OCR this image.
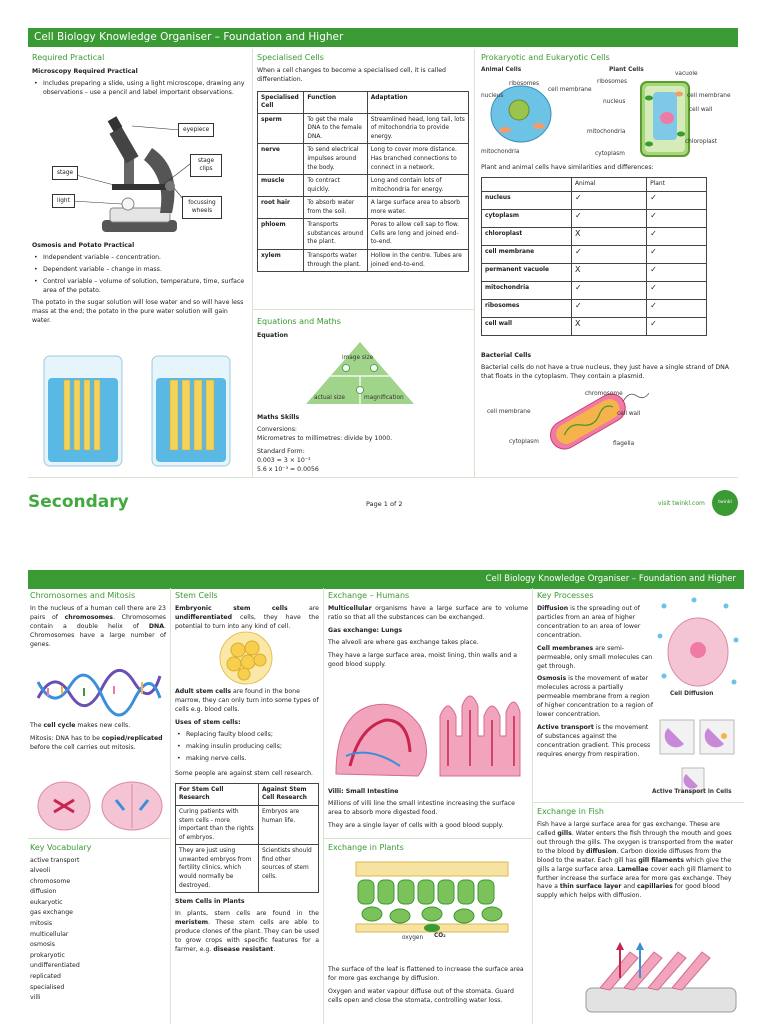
Cell Biology Knowledge Organiser – Foundation and Higher
Required Practical
Microscopy Required Practical
• Includes preparing a slide, using a light microscope, drawing any observations – use a pencil and label important observations.
eyepiece
stage
stage clips
light	focussing wheels
Osmosis and Potato Practical
• Independent variable – concentration.
• Dependent variable – change in mass.
• Control variable – volume of solution, temperature, time, surface area of the potato.

The potato in the sugar solution will lose water and so will have less mass at the end; the potato in the pure water solution will gain water.

Specialised Cells

When a cell changes to become a specialised cell, it is called differentiation.

Specialised Cell	Function	Adaptation
sperm	To get the male DNA to the female DNA.	Streamlined head, long tail, lots of mitochondria to provide energy.
nerve	To send electrical impulses around the body.	Long to cover more distance. Has branched connections to connect in a network.
muscle	To contract quickly.	Long and contain lots of mitochondria for energy.
root hair	To absorb water from the soil.	A large surface area to absorb more water.
phloem	Transports substances around the plant.	Pores to allow cell sap to flow. Cells are long and joined end-to-end.
xylem	Transports water through the plant.	Hollow in the centre. Tubes are joined end-to-end.
Equations and Maths
Equation
image size
actual size	magnification
Maths Skills
Conversions:
Micrometres to millimetres: divide by 1000.
Standard Form:
0.003 = 3 × 10⁻³
5.6 x 10⁻³ = 0.0056
Prokaryotic and Eukaryotic Cells
Animal Cells	Plant Cells
ribosomes
cell membrane
nucleus
mitochondria
ribosomes
vacuole
nucleus
cell membrane
cell wall
mitochondria
chloroplast
cytoplasm

Plant and animal cells have similarities and differences:

	Animal	Plant
nucleus	✓	✓
cytoplasm	✓	✓
chloroplast	X	✓
cell membrane	✓	✓
permanent vacuole	X	✓
mitochondria	✓	✓
ribosomes	✓	✓
cell wall	X	✓
Bacterial Cells

Bacterial cells do not have a true nucleus, they just have a single strand of DNA that floats in the cytoplasm. They contain a plasmid.

chromosome
cell membrane	cell wall
cytoplasm	flagella
Secondary	Page 1 of 2	visit twinkl.com	twinkl
Cell Biology Knowledge Organiser – Foundation and Higher
Chromosomes and Mitosis

In the nucleus of a human cell there are 23 pairs of chromosomes. Chromosomes contain a double helix of DNA. Chromosomes have a large number of genes.

The cell cycle makes new cells.

Mitosis: DNA has to be copied/replicated before the cell carries out mitosis.

Key Vocabulary
active transport
alveoli
chromosome
diffusion
eukaryotic
gas exchange
mitosis
multicellular
osmosis
prokaryotic
undifferentiated
replicated
specialised
villi
Stem Cells

Embryonic stem cells are undifferentiated cells, they have the potential to turn into any kind of cell.

Adult stem cells are found in the bone marrow, they can only turn into some types of cells e.g. blood cells.

Uses of stem cells:
• Replacing faulty blood cells;
• making insulin producing cells;
• making nerve cells.

Some people are against stem cell research.

For Stem Cell Research	Against Stem Cell Research
Curing patients with stem cells - more important than the rights of embryos.	Embryos are human life.
They are just using unwanted embryos from fertility clinics, which would normally be destroyed.	Scientists should find other sources of stem cells.
Stem Cells in Plants

In plants, stem cells are found in the meristem. These stem cells are able to produce clones of the plant. They can be used to grow crops with specific features for a farmer, e.g. disease resistant.

Exchange – Humans

Multicellular organisms have a large surface are to volume ratio so that all the substances can be exchanged.

Gas exchange: Lungs

The alveoli are where gas exchange takes place.

They have a large surface area, moist lining, thin walls and a good blood supply.

Villi: Small Intestine

Millions of villi line the small intestine increasing the surface area to absorb more digested food.

They are a single layer of cells with a good blood supply.

Exchange in Plants
oxygen CO₂

The surface of the leaf is flattened to increase the surface area for more gas exchange by diffusion.

Oxygen and water vapour diffuse out of the stomata. Guard cells open and close the stomata, controlling water loss.

Key Processes

Diffusion is the spreading out of particles from an area of higher concentration to an area of lower concentration.

Cell membranes are semi-permeable, only small molecules can get through.

Osmosis is the movement of water molecules across a partially permeable membrane from a region of higher concentration to a region of lower concentration.

Active transport is the movement of substances against the concentration gradient. This process requires energy from respiration.

Cell Diffusion
Active Transport in Cells
Exchange in Fish

Fish have a large surface area for gas exchange. These are called gills. Water enters the fish through the mouth and goes out through the gills. The oxygen is transported from the water to the blood by diffusion. Carbon dioxide diffuses from the blood to the water. Each gill has gill filaments which give the gills a large surface area. Lamellae cover each gill filament to further increase the surface area for more gas exchange. They have a thin surface layer and capillaries for good blood supply which helps with diffusion.
